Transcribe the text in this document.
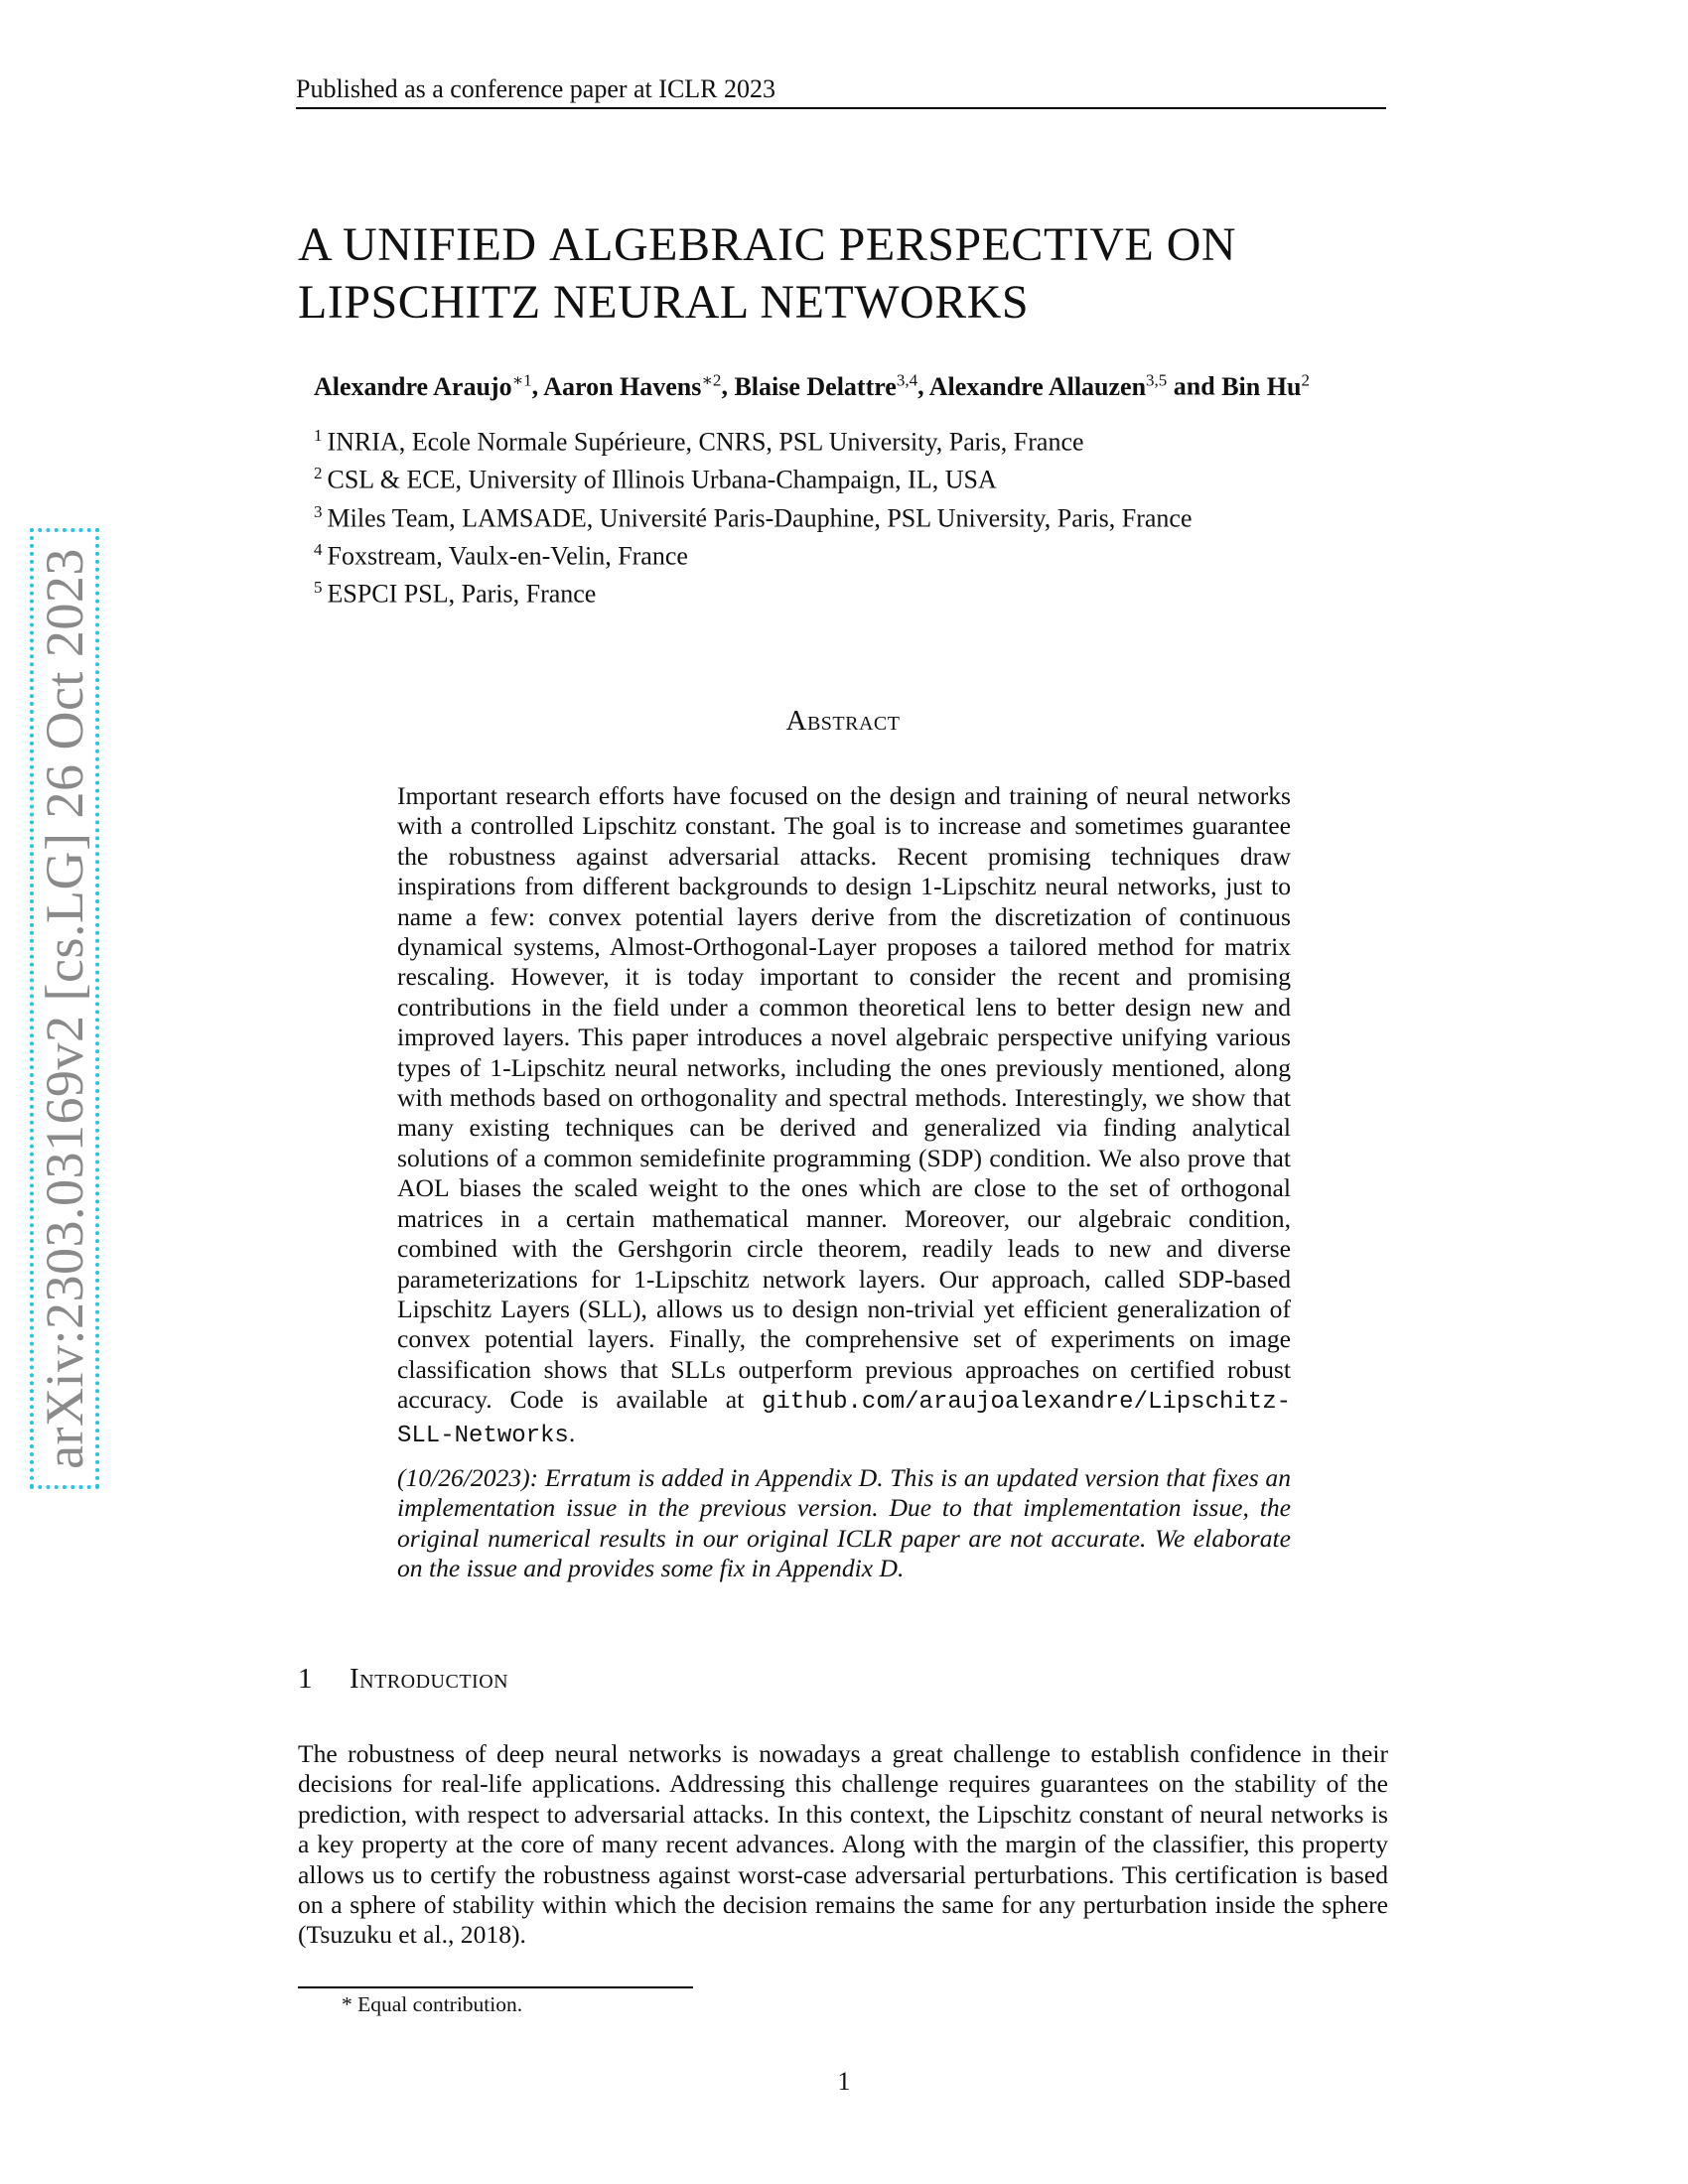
Published as a conference paper at ICLR 2023
arXiv:2303.03169v2 [cs.LG] 26 Oct 2023
A UNIFIED ALGEBRAIC PERSPECTIVE ON
LIPSCHITZ NEURAL NETWORKS
Alexandre Araujo$^{∗1}$, Aaron Havens$^{∗2}$, Blaise Delattre$^{3,4}$, Alexandre Allauzen$^{3,5}$ and Bin Hu$^2$
$^1$ INRIA, Ecole Normale Supérieure, CNRS, PSL University, Paris, France
$^2$ CSL & ECE, University of Illinois Urbana-Champaign, IL, USA
$^3$ Miles Team, LAMSADE, Université Paris-Dauphine, PSL University, Paris, France
$^4$ Foxstream, Vaulx-en-Velin, France
$^5$ ESPCI PSL, Paris, France
Abstract
Important research efforts have focused on the design and training of neural networks with a controlled Lipschitz constant. The goal is to increase and sometimes guarantee the robustness against adversarial attacks. Recent promising techniques draw inspirations from different backgrounds to design 1-Lipschitz neural networks, just to name a few: convex potential layers derive from the discretization of continuous dynamical systems, Almost-Orthogonal-Layer proposes a tailored method for matrix rescaling. However, it is today important to consider the recent and promising contributions in the field under a common theoretical lens to better design new and improved layers. This paper introduces a novel algebraic perspective unifying various types of 1-Lipschitz neural networks, including the ones previously mentioned, along with methods based on orthogonality and spectral methods. Interestingly, we show that many existing techniques can be derived and generalized via finding analytical solutions of a common semidefinite programming (SDP) condition. We also prove that AOL biases the scaled weight to the ones which are close to the set of orthogonal matrices in a certain mathematical manner. Moreover, our algebraic condition, combined with the Gershgorin circle theorem, readily leads to new and diverse parameterizations for 1-Lipschitz network layers. Our approach, called SDP-based Lipschitz Layers (SLL), allows us to design non-trivial yet efficient generalization of convex potential layers. Finally, the comprehensive set of experiments on image classification shows that SLLs outperform previous approaches on certified robust accuracy. Code is available at github.com/araujoalexandre/Lipschitz-SLL-Networks.
(10/26/2023): Erratum is added in Appendix D. This is an updated version that fixes an implementation issue in the previous version. Due to that implementation issue, the original numerical results in our original ICLR paper are not accurate. We elaborate on the issue and provides some fix in Appendix D.
1 Introduction
The robustness of deep neural networks is nowadays a great challenge to establish confidence in their decisions for real-life applications. Addressing this challenge requires guarantees on the stability of the prediction, with respect to adversarial attacks. In this context, the Lipschitz constant of neural networks is a key property at the core of many recent advances. Along with the margin of the classifier, this property allows us to certify the robustness against worst-case adversarial perturbations. This certification is based on a sphere of stability within which the decision remains the same for any perturbation inside the sphere (Tsuzuku et al., 2018).
* Equal contribution.
1
